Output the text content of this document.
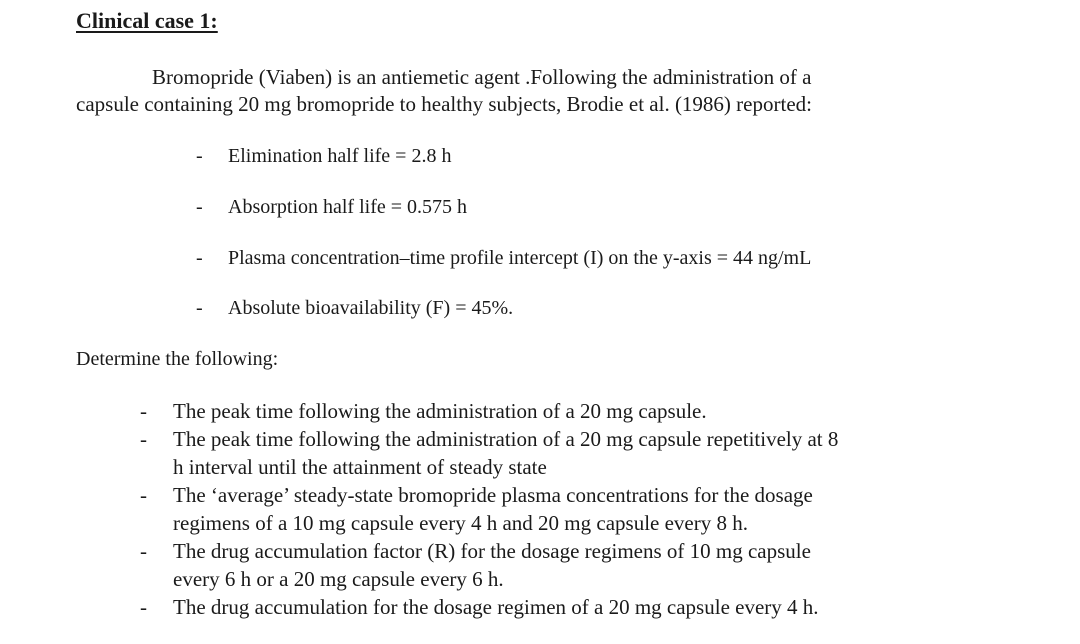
Clinical case 1:
Bromopride (Viaben) is an antiemetic agent .Following the administration of a
capsule containing 20 mg bromopride to healthy subjects, Brodie et al. (1986) reported:
- Elimination half life = 2.8 h
- Absorption half life = 0.575 h
- Plasma concentration–time profile intercept (I) on the y-axis = 44 ng/mL
- Absolute bioavailability (F) = 45%.
Determine the following:
-	The peak time following the administration of a 20 mg capsule.
-	The peak time following the administration of a 20 mg capsule repetitively at 8
h interval until the attainment of steady state
-	The ‘average’ steady-state bromopride plasma concentrations for the dosage
regimens of a 10 mg capsule every 4 h and 20 mg capsule every 8 h.
-	The drug accumulation factor (R) for the dosage regimens of 10 mg capsule
every 6 h or a 20 mg capsule every 6 h.
-	The drug accumulation for the dosage regimen of a 20 mg capsule every 4 h.
